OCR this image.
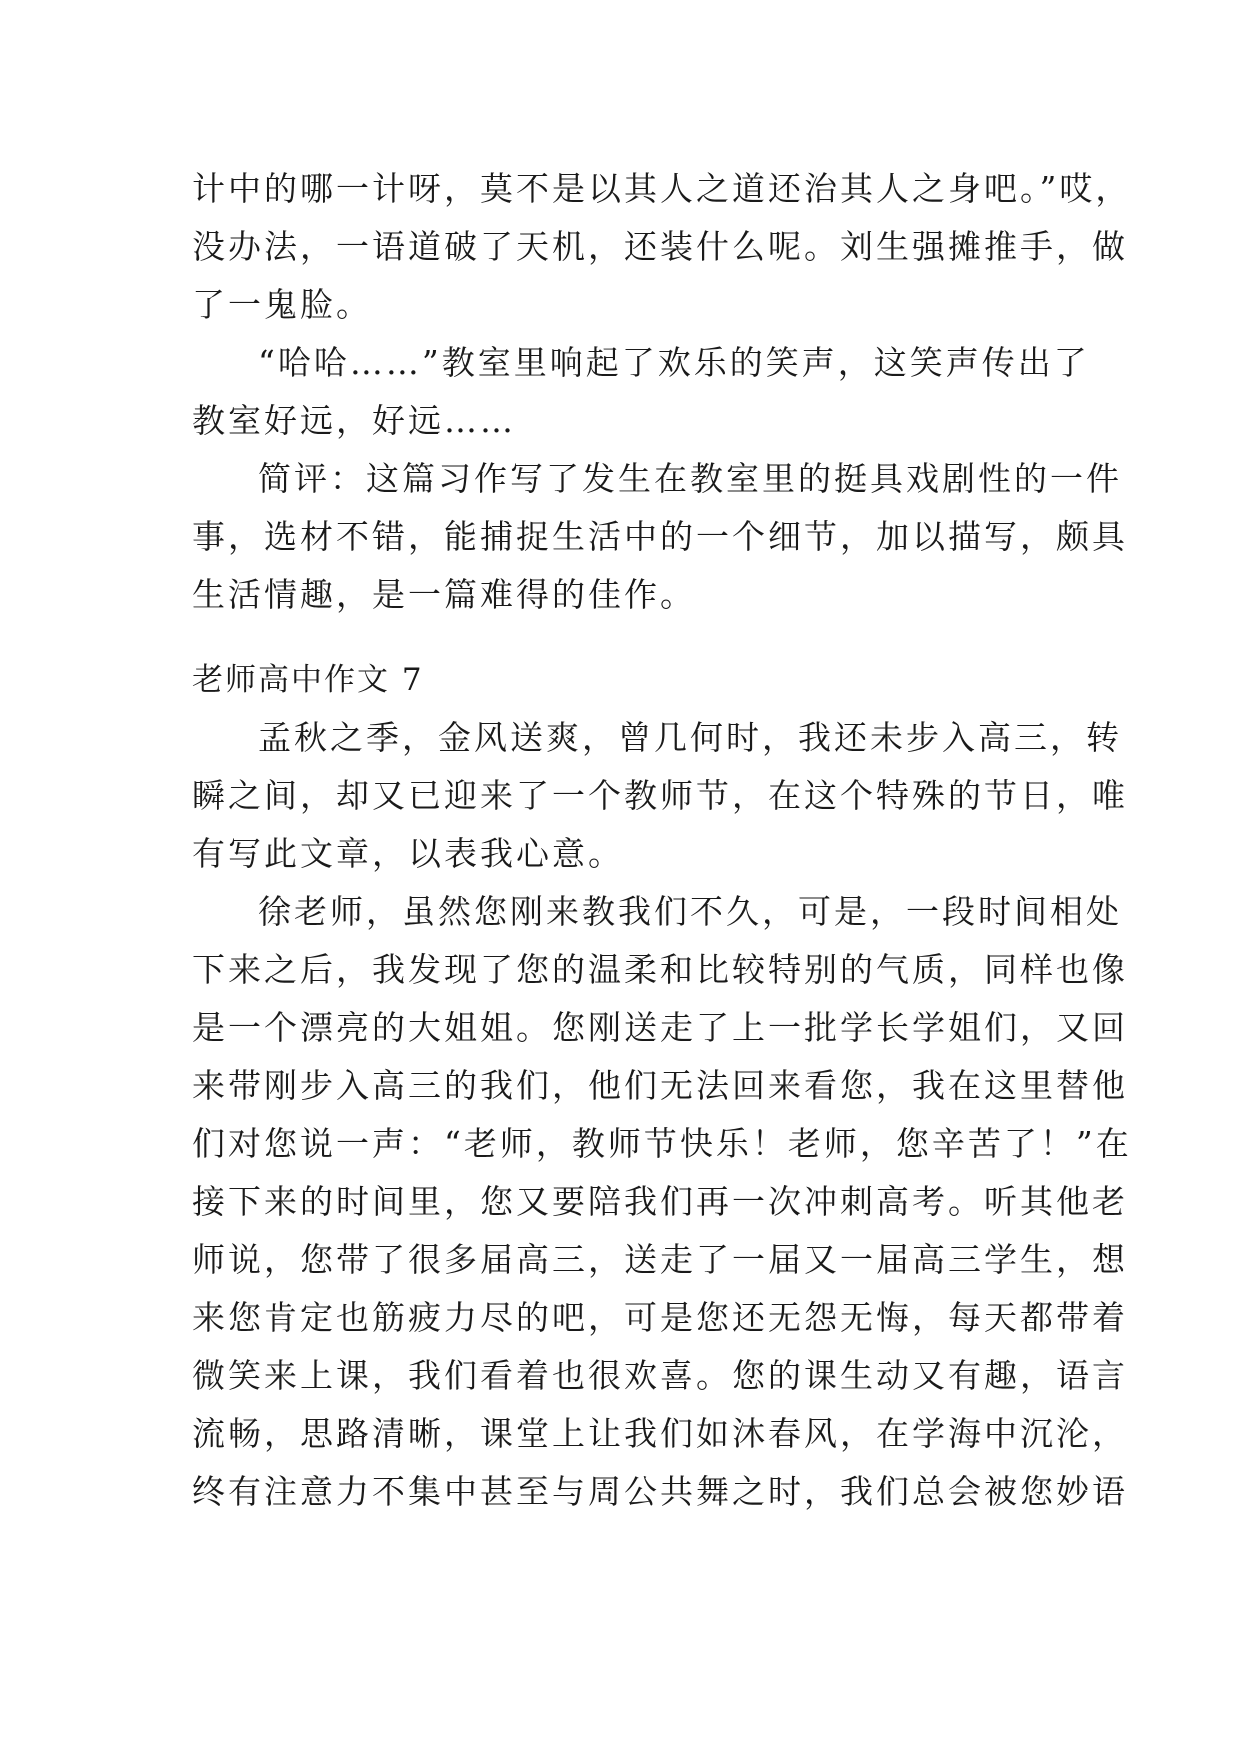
计中的哪一计呀，莫不是以其人之道还治其人之身吧。”哎，
没办法，一语道破了天机，还装什么呢。刘生强摊推手，做
了一鬼脸。
“哈哈……”教室里响起了欢乐的笑声，这笑声传出了
教室好远，好远……
简评：这篇习作写了发生在教室里的挺具戏剧性的一件
事，选材不错，能捕捉生活中的一个细节，加以描写，颇具
生活情趣，是一篇难得的佳作。
老师高中作文 7
孟秋之季，金风送爽，曾几何时，我还未步入高三，转
瞬之间，却又已迎来了一个教师节，在这个特殊的节日，唯
有写此文章，以表我心意。
徐老师，虽然您刚来教我们不久，可是，一段时间相处
下来之后，我发现了您的温柔和比较特别的气质，同样也像
是一个漂亮的大姐姐。您刚送走了上一批学长学姐们，又回
来带刚步入高三的我们，他们无法回来看您，我在这里替他
们对您说一声：“老师，教师节快乐！老师，您辛苦了！”在
接下来的时间里，您又要陪我们再一次冲刺高考。听其他老
师说，您带了很多届高三，送走了一届又一届高三学生，想
来您肯定也筋疲力尽的吧，可是您还无怨无悔，每天都带着
微笑来上课，我们看着也很欢喜。您的课生动又有趣，语言
流畅，思路清晰，课堂上让我们如沐春风，在学海中沉沦，
终有注意力不集中甚至与周公共舞之时，我们总会被您妙语
